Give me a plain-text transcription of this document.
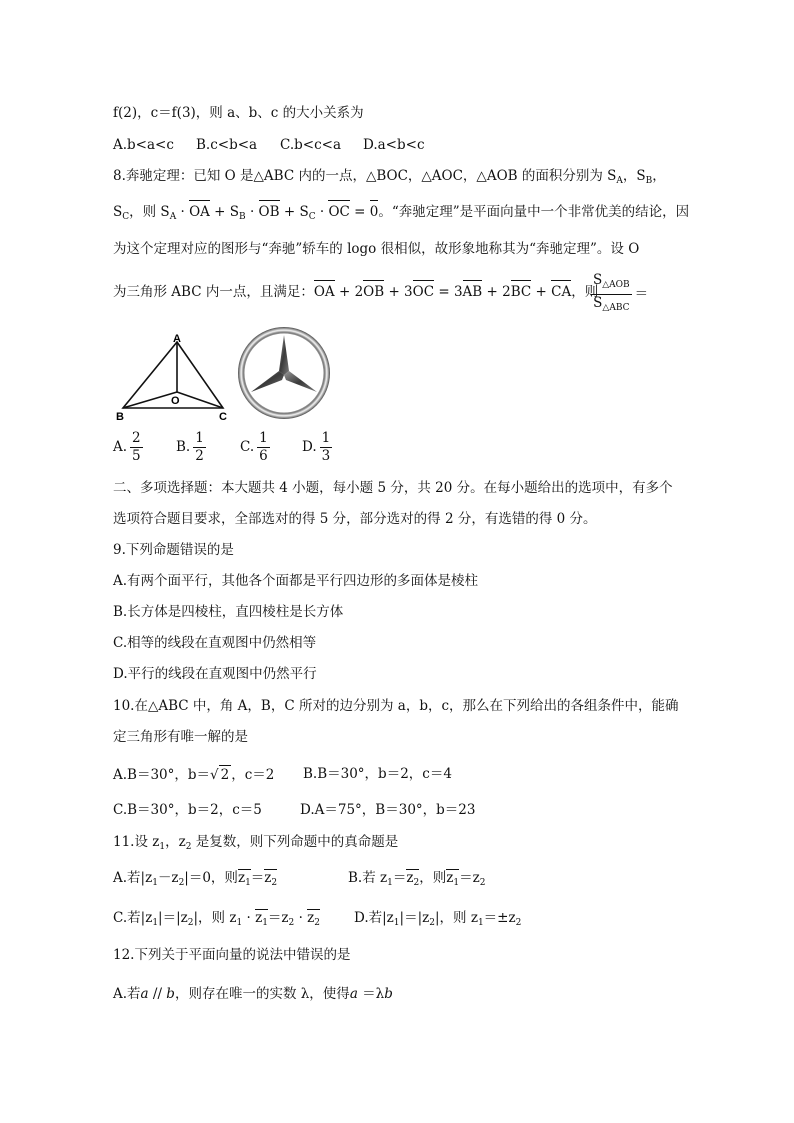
f(2)，c＝f(3)，则 a、b、c 的大小关系为
A.b<a<c B.c<b<a C.b<c<a D.a<b<c
8.奔驰定理：已知 O 是△ABC 内的一点，△BOC，△AOC，△AOB 的面积分别为 $S_A$，$S_B$，
$S_C$，则 $S_A$ · OA + $S_B$ · OB + $S_C$ · OC = 0。“奔驰定理”是平面向量中一个非常优美的结论，因
为这个定理对应的图形与“奔驰”轿车的 logo 很相似，故形象地称其为“奔驰定理”。设 O
为三角形 ABC 内一点，且满足：OA + 2OB + 3OC = 3AB + 2BC + CA，则
$\frac{S_{\triangle AOB}}{S_{\triangle ABC}}$ ＝
A
B	C
O
A. $\frac{2}{5} B$. $\frac{1}{2}$	C. $\frac{1}{6} D$. $\frac{1}{3}$
二、多项选择题：本大题共 4 小题，每小题 5 分，共 20 分。在每小题给出的选项中，有多个
选项符合题目要求，全部选对的得 5 分，部分选对的得 2 分，有选错的得 0 分。
9.下列命题错误的是
A.有两个面平行，其他各个面都是平行四边形的多面体是棱柱
B.长方体是四棱柱，直四棱柱是长方体
C.相等的线段在直观图中仍然相等
D.平行的线段在直观图中仍然平行
10.在△ABC 中，角 A，B，C 所对的边分别为 a，b，c，那么在下列给出的各组条件中，能确
定三角形有唯一解的是
A.B＝30°，b＝√ 2 ，c＝2 B.B＝30°，b＝2，c＝4
C.B＝30°，b＝2，c＝5	D.A＝75°，B＝30°，b＝23
11.设 $z_1$，$z_2$ 是复数，则下列命题中的真命题是
A.若$|z_1-z_2|=0$，则$z_1=z_2$	B.若 $z_1=z_2$，则$z_1=z_2$
C.若$|z_1|=|z_2|$，则 $z_1 \cdot z_1=z_2 \cdot z_2$	D.若$|z_1|=|z_2|$，则 $z_1=\pm z_2$
12.下列关于平面向量的说法中错误的是
A.若a // b，则存在唯一的实数 λ，使得a ＝λb
